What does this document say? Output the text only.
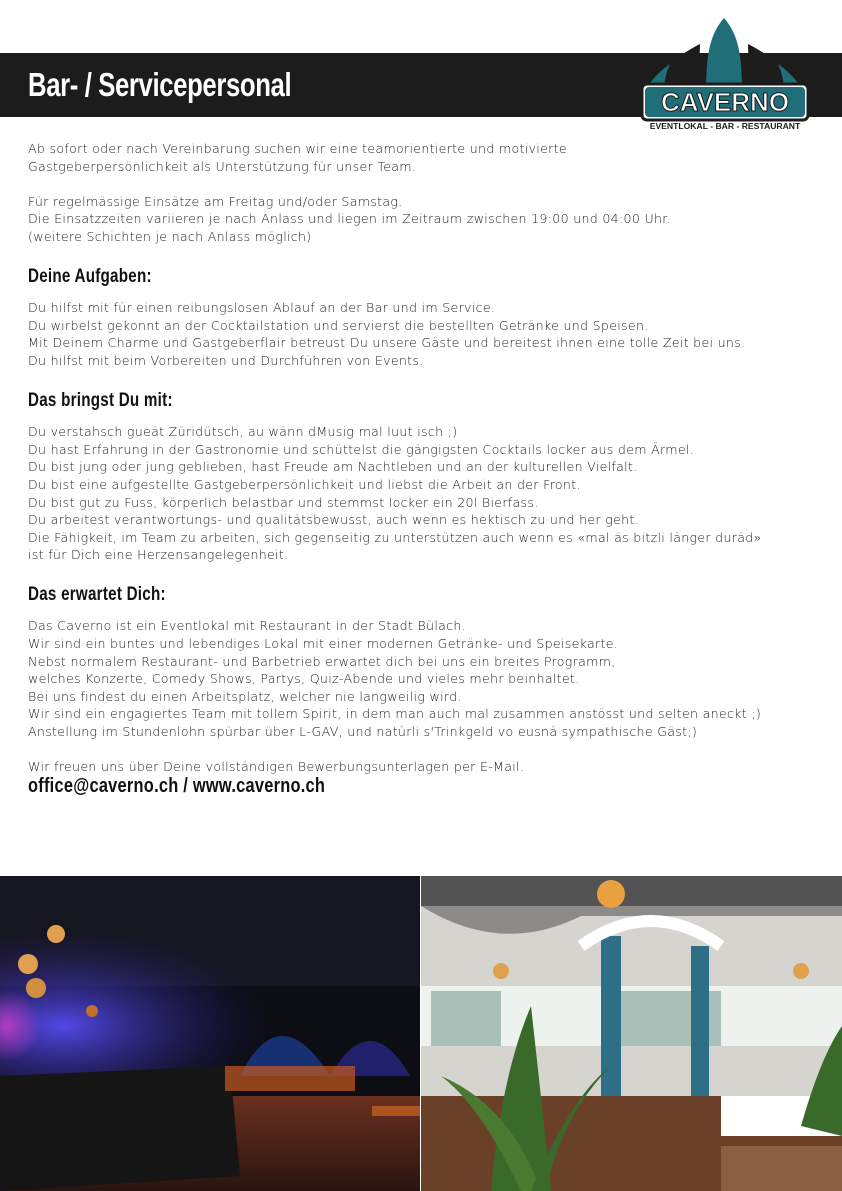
Bar- / Servicepersonal	CAVERNO
EVENTLOKAL - BAR - RESTAURANT

Ab sofort oder nach Vereinbarung suchen wir eine teamorientierte und motivierte

Gastgeberpersönlichkeit als Unterstützung für unser Team.

Für regelmässige Einsätze am Freitag und/oder Samstag.

Die Einsatzzeiten variieren je nach Anlass und liegen im Zeitraum zwischen 19:00 und 04:00 Uhr.

(weitere Schichten je nach Anlass möglich)

Deine Aufgaben:

Du hilfst mit für einen reibungslosen Ablauf an der Bar und im Service.

Du wirbelst gekonnt an der Cocktailstation und servierst die bestellten Getränke und Speisen.

Mit Deinem Charme und Gastgeberflair betreust Du unsere Gäste und bereitest ihnen eine tolle Zeit bei uns.

Du hilfst mit beim Vorbereiten und Durchführen von Events.

Das bringst Du mit:

Du verstahsch gueät Züridütsch, au wänn dMusig mal luut isch ;)

Du hast Erfahrung in der Gastronomie und schüttelst die gängigsten Cocktails locker aus dem Ärmel.

Du bist jung oder jung geblieben, hast Freude am Nachtleben und an der kulturellen Vielfalt.

Du bist eine aufgestellte Gastgeberpersönlichkeit und liebst die Arbeit an der Front.

Du bist gut zu Fuss, körperlich belastbar und stemmst locker ein 20l Bierfass.

Du arbeitest verantwortungs- und qualitätsbewusst, auch wenn es hektisch zu und her geht.

Die Fähigkeit, im Team zu arbeiten, sich gegenseitig zu unterstützen auch wenn es «mal äs bitzli länger duräd»

ist für Dich eine Herzensangelegenheit.

Das erwartet Dich:

Das Caverno ist ein Eventlokal mit Restaurant in der Stadt Bülach.

Wir sind ein buntes und lebendiges Lokal mit einer modernen Getränke- und Speisekarte.

Nebst normalem Restaurant- und Barbetrieb erwartet dich bei uns ein breites Programm,

welches Konzerte, Comedy Shows, Partys, Quiz-Abende und vieles mehr beinhaltet.

Bei uns findest du einen Arbeitsplatz, welcher nie langweilig wird.

Wir sind ein engagiertes Team mit tollem Spirit, in dem man auch mal zusammen anstösst und selten aneckt ;)

Anstellung im Stundenlohn spürbar über L-GAV, und natürli s'Trinkgeld vo eusnä sympathische Gäst;)

Wir freuen uns über Deine vollständigen Bewerbungsunterlagen per E-Mail.

office@caverno.ch / www.caverno.ch
